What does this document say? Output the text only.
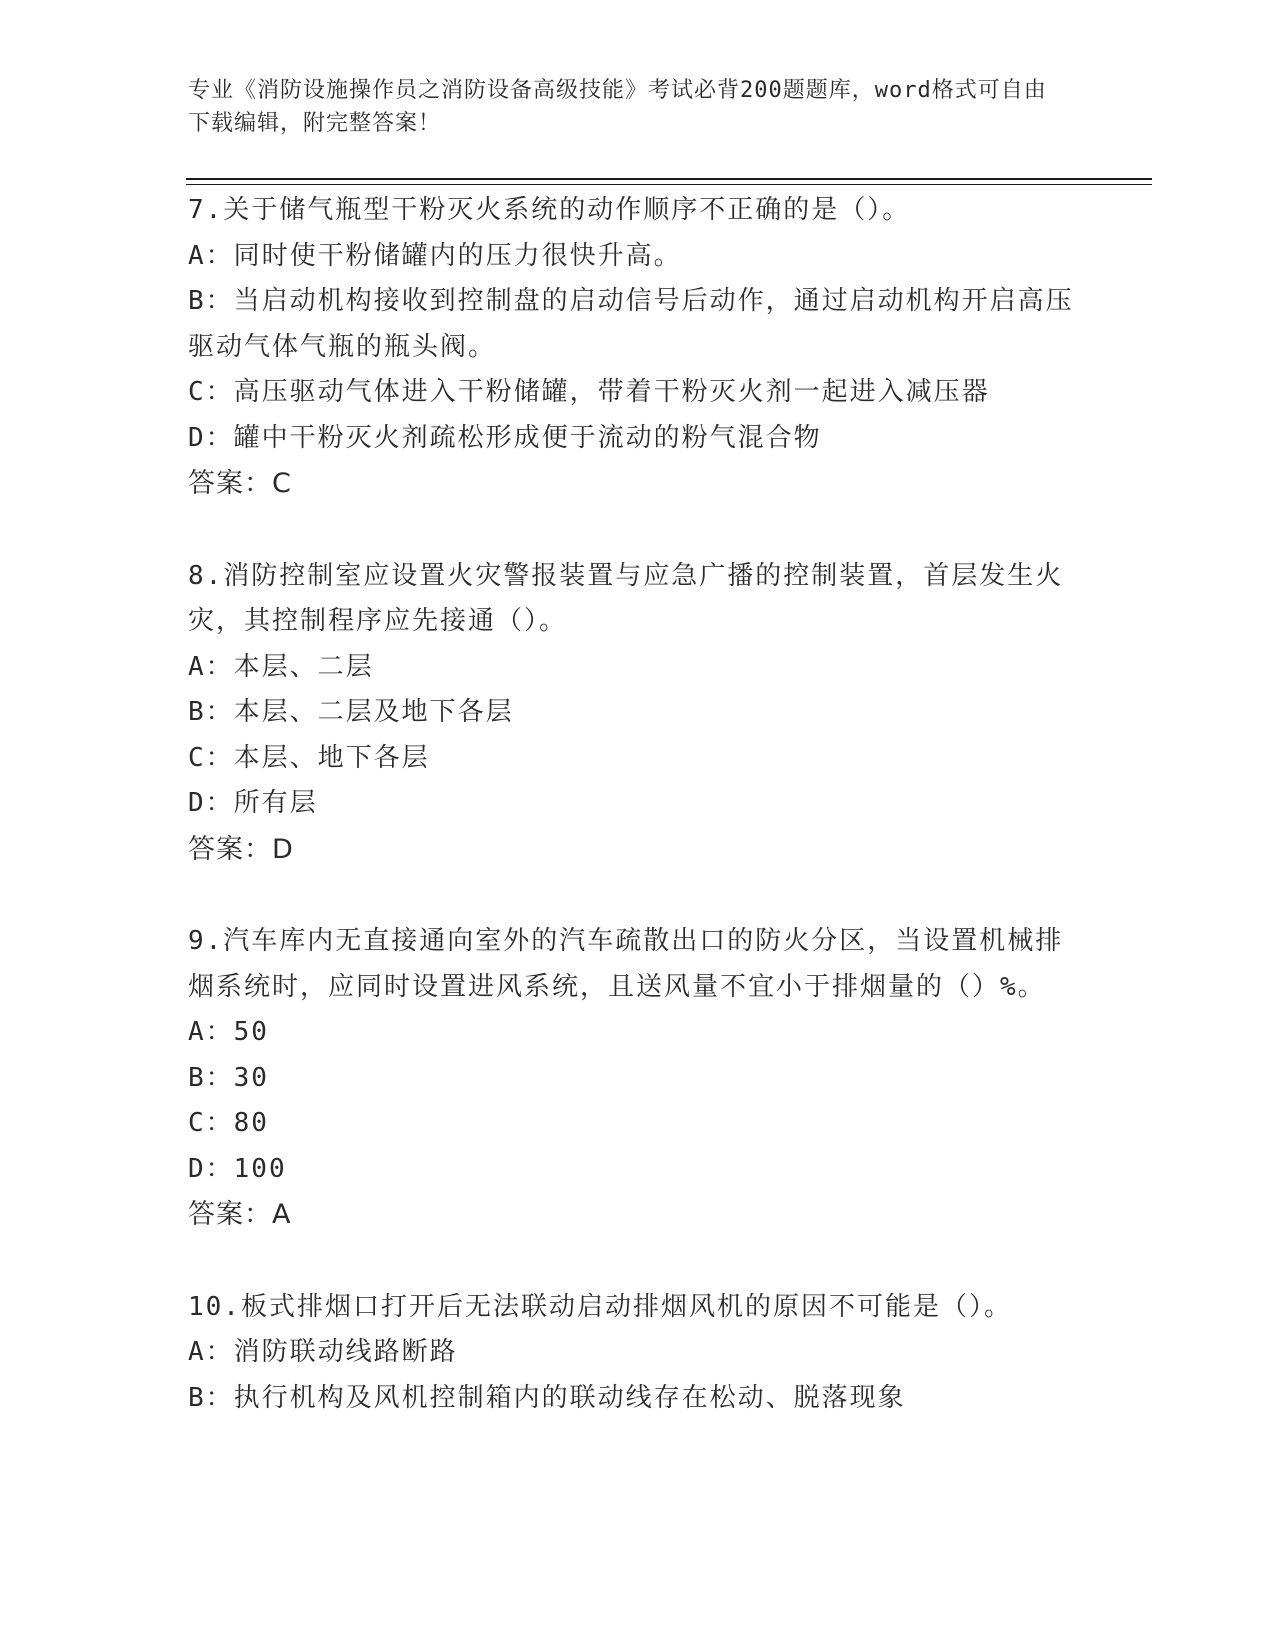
专业《消防设施操作员之消防设备高级技能》考试必背200题题库，word格式可自由下载编辑，附完整答案！
7.关于储气瓶型干粉灭火系统的动作顺序不正确的是（）。
A：同时使干粉储罐内的压力很快升高。
B：当启动机构接收到控制盘的启动信号后动作，通过启动机构开启高压驱动气体气瓶的瓶头阀。
C：高压驱动气体进入干粉储罐，带着干粉灭火剂一起进入减压器
D：罐中干粉灭火剂疏松形成便于流动的粉气混合物
答案：C
8.消防控制室应设置火灾警报装置与应急广播的控制装置，首层发生火灾，其控制程序应先接通（）。
A：本层、二层
B：本层、二层及地下各层
C：本层、地下各层
D：所有层
答案：D
9.汽车库内无直接通向室外的汽车疏散出口的防火分区，当设置机械排烟系统时，应同时设置进风系统，且送风量不宜小于排烟量的（）%。
A：50
B：30
C：80
D：100
答案：A
10.板式排烟口打开后无法联动启动排烟风机的原因不可能是（）。
A：消防联动线路断路
B：执行机构及风机控制箱内的联动线存在松动、脱落现象
